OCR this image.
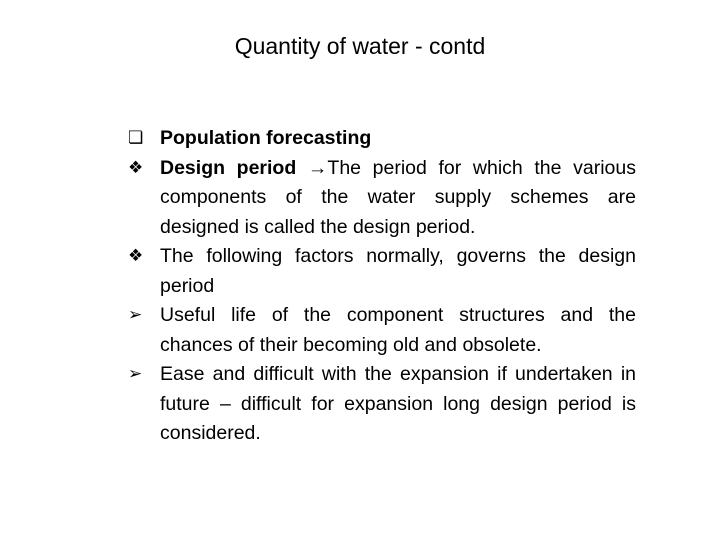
Quantity of water - contd
❏ Population forecasting
❖ Design period →The period for which the various components of the water supply schemes are designed is called the design period.
❖ The following factors normally, governs the design period
➢ Useful life of the component structures and the chances of their becoming old and obsolete.
➢ Ease and difficult with the expansion if undertaken in future – difficult for expansion long design period is considered.
